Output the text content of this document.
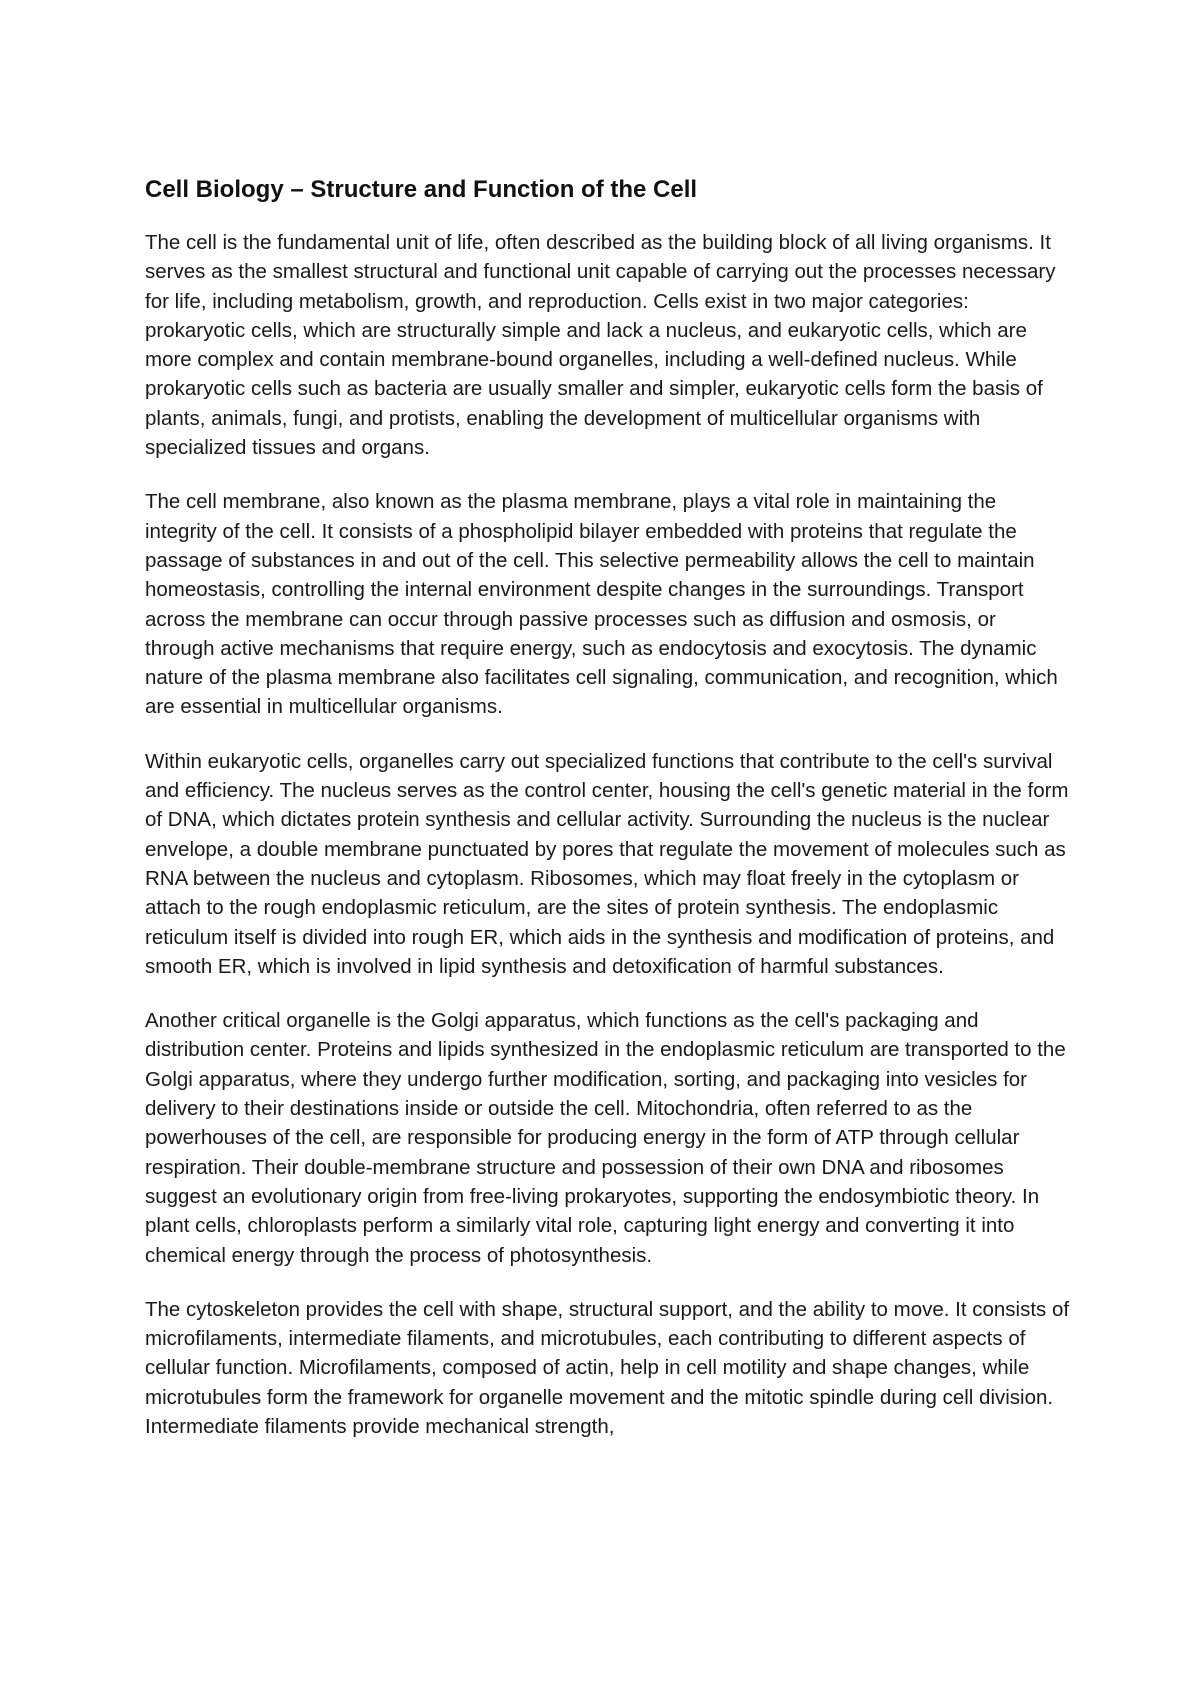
Cell Biology – Structure and Function of the Cell

The cell is the fundamental unit of life, often described as the building block of all living organisms. It serves as the smallest structural and functional unit capable of carrying out the processes necessary for life, including metabolism, growth, and reproduction. Cells exist in two major categories: prokaryotic cells, which are structurally simple and lack a nucleus, and eukaryotic cells, which are more complex and contain membrane-bound organelles, including a well-defined nucleus. While prokaryotic cells such as bacteria are usually smaller and simpler, eukaryotic cells form the basis of plants, animals, fungi, and protists, enabling the development of multicellular organisms with specialized tissues and organs.

The cell membrane, also known as the plasma membrane, plays a vital role in maintaining the integrity of the cell. It consists of a phospholipid bilayer embedded with proteins that regulate the passage of substances in and out of the cell. This selective permeability allows the cell to maintain homeostasis, controlling the internal environment despite changes in the surroundings. Transport across the membrane can occur through passive processes such as diffusion and osmosis, or through active mechanisms that require energy, such as endocytosis and exocytosis. The dynamic nature of the plasma membrane also facilitates cell signaling, communication, and recognition, which are essential in multicellular organisms.

Within eukaryotic cells, organelles carry out specialized functions that contribute to the cell's survival and efficiency. The nucleus serves as the control center, housing the cell's genetic material in the form of DNA, which dictates protein synthesis and cellular activity. Surrounding the nucleus is the nuclear envelope, a double membrane punctuated by pores that regulate the movement of molecules such as RNA between the nucleus and cytoplasm. Ribosomes, which may float freely in the cytoplasm or attach to the rough endoplasmic reticulum, are the sites of protein synthesis. The endoplasmic reticulum itself is divided into rough ER, which aids in the synthesis and modification of proteins, and smooth ER, which is involved in lipid synthesis and detoxification of harmful substances.

Another critical organelle is the Golgi apparatus, which functions as the cell's packaging and distribution center. Proteins and lipids synthesized in the endoplasmic reticulum are transported to the Golgi apparatus, where they undergo further modification, sorting, and packaging into vesicles for delivery to their destinations inside or outside the cell. Mitochondria, often referred to as the powerhouses of the cell, are responsible for producing energy in the form of ATP through cellular respiration. Their double-membrane structure and possession of their own DNA and ribosomes suggest an evolutionary origin from free-living prokaryotes, supporting the endosymbiotic theory. In plant cells, chloroplasts perform a similarly vital role, capturing light energy and converting it into chemical energy through the process of photosynthesis.

The cytoskeleton provides the cell with shape, structural support, and the ability to move. It consists of microfilaments, intermediate filaments, and microtubules, each contributing to different aspects of cellular function. Microfilaments, composed of actin, help in cell motility and shape changes, while microtubules form the framework for organelle movement and the mitotic spindle during cell division. Intermediate filaments provide mechanical strength,
